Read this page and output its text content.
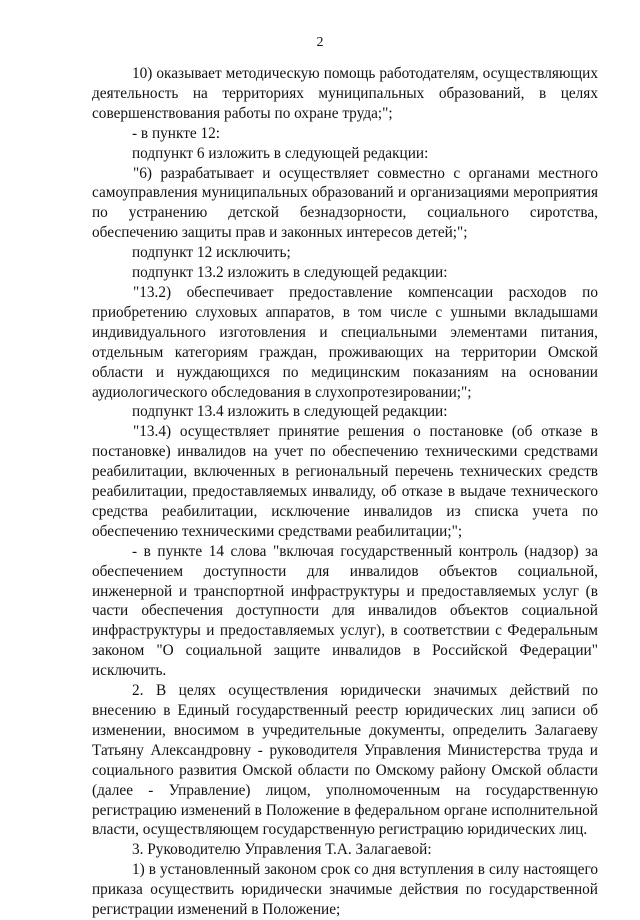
2

10) оказывает методическую помощь работодателям, осуществляющих деятельность на территориях муниципальных образований, в целях совершенствования работы по охране труда;";

- в пункте 12:

подпункт 6 изложить в следующей редакции:

"6) разрабатывает и осуществляет совместно с органами местного самоуправления муниципальных образований и организациями мероприятия по устранению детской безнадзорности, социального сиротства, обеспечению защиты прав и законных интересов детей;";

подпункт 12 исключить;

подпункт 13.2 изложить в следующей редакции:

"13.2) обеспечивает предоставление компенсации расходов по приобретению слуховых аппаратов, в том числе с ушными вкладышами индивидуального изготовления и специальными элементами питания, отдельным категориям граждан, проживающих на территории Омской области и нуждающихся по медицинским показаниям на основании аудиологического обследования в слухопротезировании;";

подпункт 13.4 изложить в следующей редакции:

"13.4) осуществляет принятие решения о постановке (об отказе в постановке) инвалидов на учет по обеспечению техническими средствами реабилитации, включенных в региональный перечень технических средств реабилитации, предоставляемых инвалиду, об отказе в выдаче технического средства реабилитации, исключение инвалидов из списка учета по обеспечению техническими средствами реабилитации;";

- в пункте 14 слова "включая государственный контроль (надзор) за обеспечением доступности для инвалидов объектов социальной, инженерной и транспортной инфраструктуры и предоставляемых услуг (в части обеспечения доступности для инвалидов объектов социальной инфраструктуры и предоставляемых услуг), в соответствии с Федеральным законом "О социальной защите инвалидов в Российской Федерации" исключить.

2. В целях осуществления юридически значимых действий по внесению в Единый государственный реестр юридических лиц записи об изменении, вносимом в учредительные документы, определить Залагаеву Татьяну Александровну - руководителя Управления Министерства труда и социального развития Омской области по Омскому району Омской области (далее - Управление) лицом, уполномоченным на государственную регистрацию изменений в Положение в федеральном органе исполнительной власти, осуществляющем государственную регистрацию юридических лиц.

3. Руководителю Управления Т.А. Залагаевой:

1) в установленный законом срок со дня вступления в силу настоящего приказа осуществить юридически значимые действия по государственной регистрации изменений в Положение;
